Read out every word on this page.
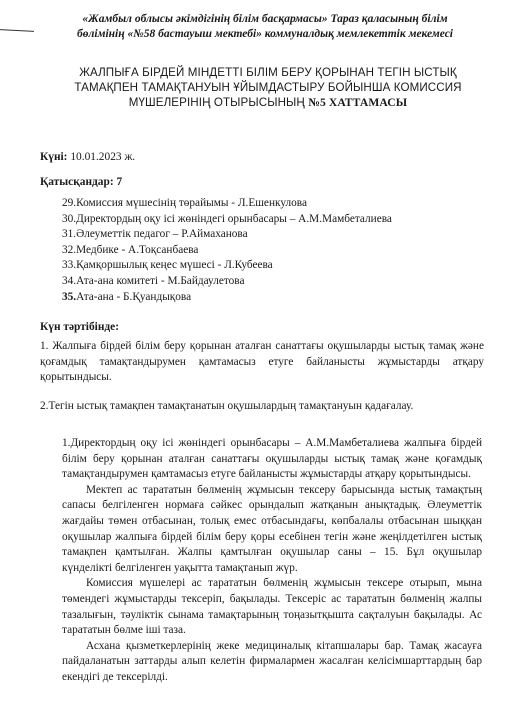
«Жамбыл облысы әкімдігінің білім басқармасы» Тараз қаласының білім
бөлімінің «№58 бастауыш мектебі» коммуналдық мемлекеттік мекемесі
ЖАЛПЫҒА БІРДЕЙ МІНДЕТТІ БІЛІМ БЕРУ ҚОРЫНАН ТЕГІН ЫСТЫҚ
ТАМАҚПЕН ТАМАҚТАНУЫН ҰЙЫМДАСТЫРУ БОЙЫНША КОМИССИЯ
МҮШЕЛЕРІНІҢ ОТЫРЫСЫНЫҢ №5 ХАТТАМАСЫ
Күні: 10.01.2023 ж.
Қатысқандар: 7
29.Комиссия мүшесінің төрайымы - Л.Ешенкулова
30.Директордың оқу ісі жөніндегі орынбасары – А.М.Мамбеталиева
31.Әлеуметтік педагог – Р.Аймаханова
32.Медбике - А.Тоқсанбаева
33.Қамқоршылық кеңес мүшесі - Л.Кубеева
34.Ата-ана комитеті - М.Байдаулетова
35.Ата-ана - Б.Қуандықова
Күн тәртібінде:

1. Жалпыға бірдей білім беру қорынан аталған санаттағы оқушыларды ыстық тамақ және қоғамдық тамақтандырумен қамтамасыз етуге байланысты жұмыстарды атқару қорытындысы.

2.Тегін ыстық тамақпен тамақтанатын оқушылардың тамақтануын қадағалау.

1.Директордың оқу ісі жөніндегі орынбасары – А.М.Мамбеталиева жалпыға бірдей білім беру қорынан аталған санаттағы оқушыларды ыстық тамақ және қоғамдық тамақтандырумен қамтамасыз етуге байланысты жұмыстарды атқару қорытындысы.

Мектеп ас тарататын бөлменің жұмысын тексеру барысында ыстық тамақтың сапасы белгіленген нормаға сәйкес орындалып жатқанын анықтадық. Әлеуметтік жағдайы төмен отбасынан, толық емес отбасындағы, көпбалалы отбасынан шыққан оқушылар жалпыға бірдей білім беру қоры есебінен тегін және жеңілдетілген ыстық тамақпен қамтылған. Жалпы қамтылған оқушылар саны – 15. Бұл оқушылар күнделікті белгіленген уақытта тамақтанып жүр.

Комиссия мүшелері ас тарататын бөлменің жұмысын тексере отырып, мына төмендегі жұмыстарды тексеріп, бақылады. Тексеріс ас тарататын бөлменің жалпы тазалығын, тәуліктік сынама тамақтарының тоңазытқышта сақталуын бақылады. Ас тарататын бөлме іші таза.

Асхана қызметкерлерінің жеке медициналық кітапшалары бар. Тамақ жасауға пайдаланатын заттарды алып келетін фирмалармен жасалған келісімшарттардың бар екендігі де тексерілді.
